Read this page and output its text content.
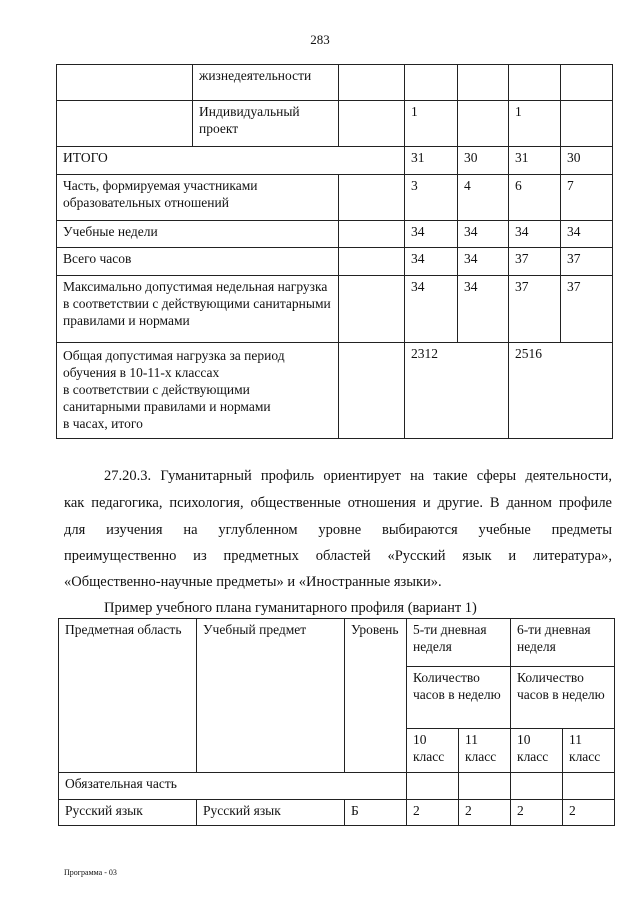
283
	жизнедеятельности					
	Индивидуальный проект		1		1	
ИТОГО			31	30	31	30
Часть, формируемая участниками образовательных отношений			3	4	6	7
Учебные недели			34	34	34	34
Всего часов			34	34	37	37
Максимально допустимая недельная нагрузка в соответствии с действующими санитарными правилами и нормами			34	34	37	37

Общая допустимая нагрузка за период
обучения в 10-11-х классах
в соответствии с действующими
санитарными правилами и нормами
в часах, итого			2312		2516	
27.20.3. Гуманитарный профиль ориентирует на такие сферы деятельности,
как педагогика, психология, общественные отношения и другие. В данном профиле
для изучения на углубленном уровне выбираются учебные предметы
преимущественно из предметных областей «Русский язык и литература»,
«Общественно-научные предметы» и «Иностранные языки».
Пример учебного плана гуманитарного профиля (вариант 1)
Предметная область	Учебный предмет	Уровень	5-ти дневная неделя		6-ти дневная неделя	
			Количество часов в неделю		Количество часов в неделю	
			10 класс	11 класс	10 класс	11 класс
Обязательная часть						
Русский язык	Русский язык	Б	2	2	2	2
Программа - 03
